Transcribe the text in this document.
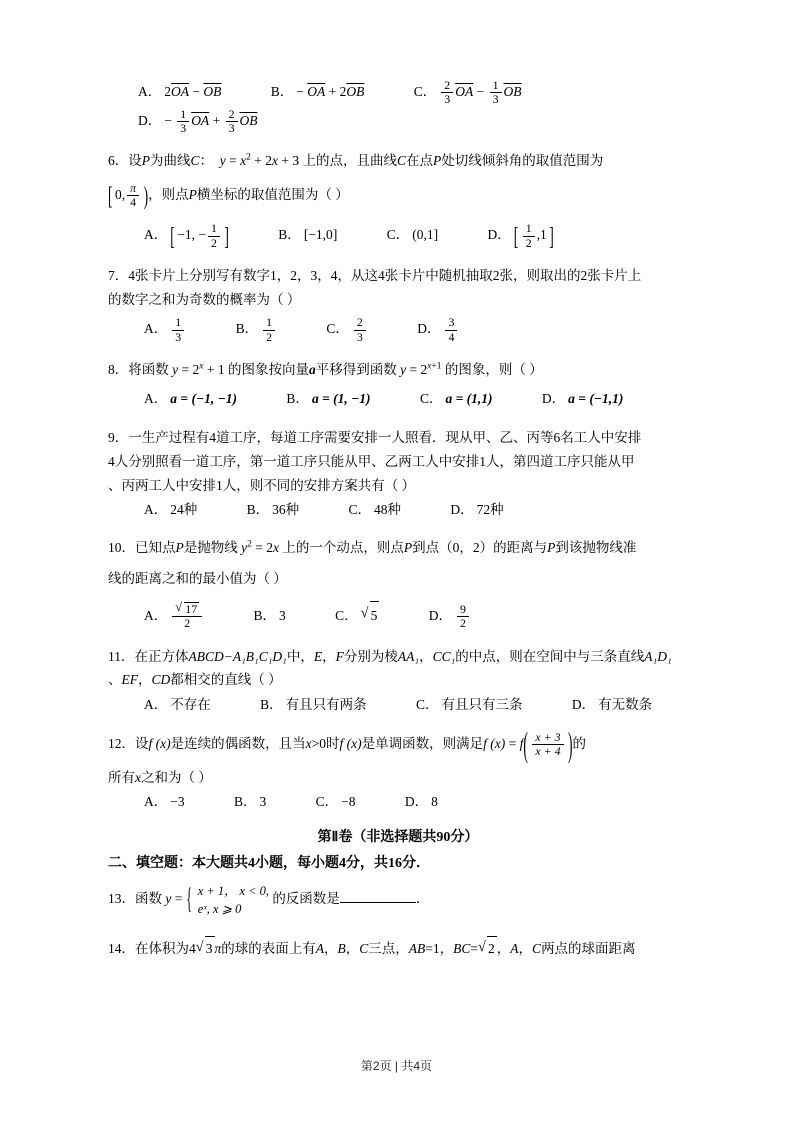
A． $2\overline{OA} - \overline{OB}$	B． − $\overline{OA} + 2\overline{OB}$	C． $\frac{2}{3} \overline{OA} - \frac{1}{3} \overline{OB}$ D． − $\frac{1}{3} \overline{OA} + \frac{2}{3} \overline{OB}$
6．设P为曲线C： $y = x^2 + 2x + 3$ 上的点，且曲线C在点P处切线倾斜角的取值范围为
[ 0, $\frac{\pi}{4}$
) ，则点P横坐标的取值范围为（ ）
A． [ −1, − $\frac{1}{2}$
]	B． [−1,0]	C． (0,1]	D． [ $\frac{1}{2} ,1$ ]
7．4张卡片上分别写有数字1，2，3，4，从这4张卡片中随机抽取2张，则取出的2张卡片上
的数字之和为奇数的概率为（ ）
A． $\frac{1}{3}$	B． $\frac{1}{2}$	C． $\frac{2}{3}$	D． $\frac{3}{4}$
8．将函数 $y = 2^x + 1$ 的图象按向量a平移得到函数 $y = 2^{x+1}$ 的图象，则（ ）
A． a = (−1, −1)	B． a = (1, −1)	C． a = (1,1)	D． a = (−1,1)
9．一生产过程有4道工序，每道工序需要安排一人照看．现从甲、乙、丙等6名工人中安排
4人分别照看一道工序，第一道工序只能从甲、乙两工人中安排1人，第四道工序只能从甲
、丙两工人中安排1人，则不同的安排方案共有（ ）
A． 24种	B． 36种	C． 48种	D． 72种
10．已知点P是抛物线 $y^2 = 2x$ 上的一个动点，则点P到点（0，2）的距离与P到该抛物线准
线的距离之和的最小值为（ ）
A． √ $\frac{17}{2}$	B． 3	C． √ 5	D． $\frac{9}{2}$
11．在正方体ABCD−A₁B₁C₁D₁中，E，F分别为棱AA₁，CC₁的中点，则在空间中与三条直线A₁D₁
、EF，CD都相交的直线（ ）
A． 不存在	B． 有且只有两条	C． 有且只有三条	D． 有无数条
12．设f (x)是连续的偶函数，且当x>0时f (x)是单调函数，则满足f (x) = f ( $\frac{x + 3}{x + 4}$
) 的
所有x之和为（ ）
A． −3	B． 3	C． −8	D． 8
第Ⅱ卷（非选择题共90分）
二、填空题：本大题共4小题，每小题4分，共16分．
13．函数 y =
{ x + 1， x < 0,
eˣ, x ⩾ 0
的反函数是	．
14．在体积为4 √ 3 π的球的表面上有A，B，C三点，AB=1，BC= √ 2 ，A，C两点的球面距离
第2页 | 共4页
